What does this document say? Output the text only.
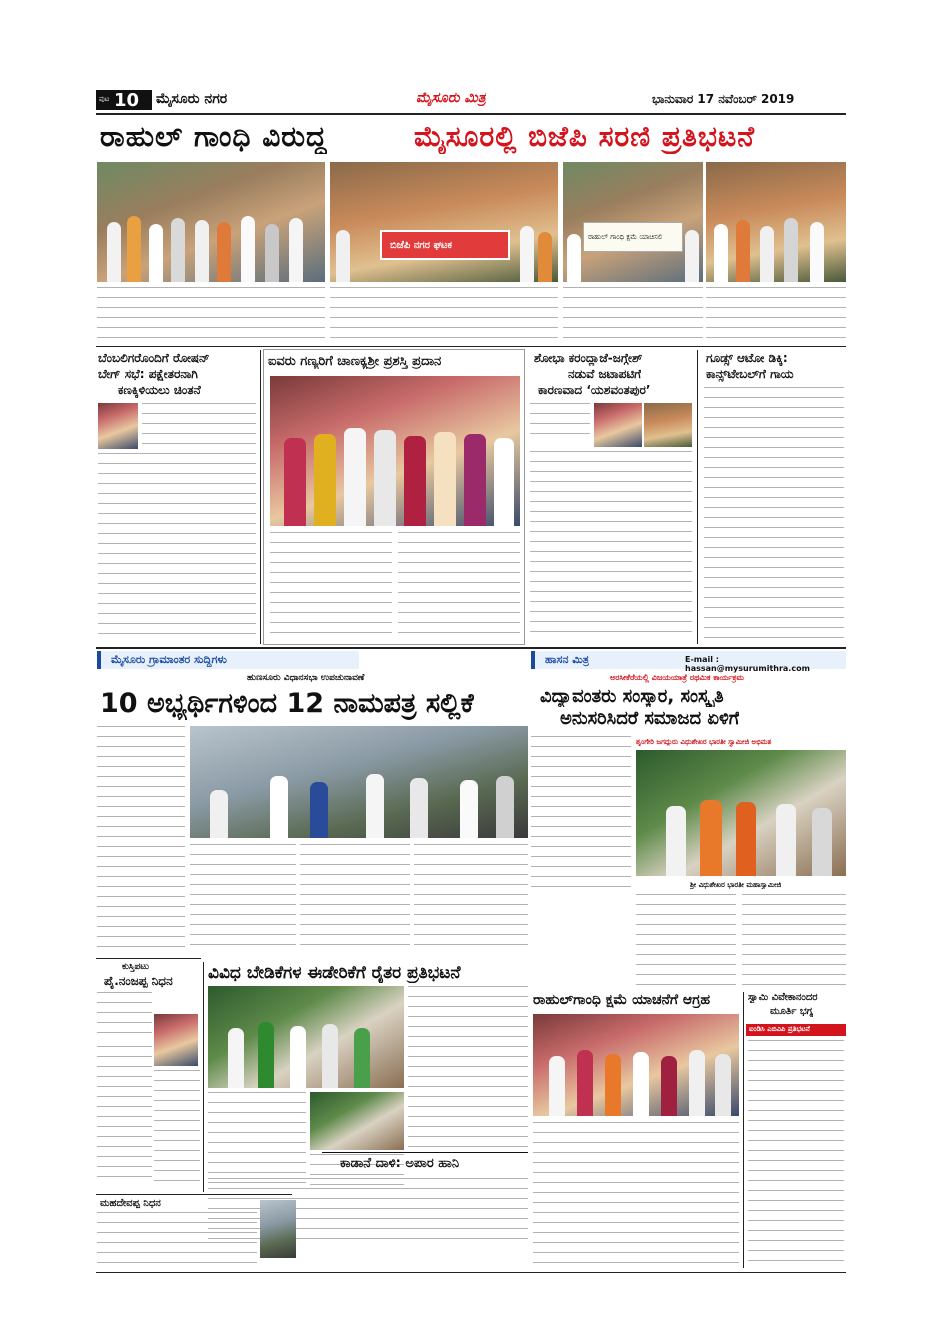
ಪುಟ 10 ಮೈಸೂರು ನಗರ	ಮೈಸೂರು ಮಿತ್ರ	ಭಾನುವಾರ 17 ನವೆಂಬರ್ 2019
ರಾಹುಲ್ ಗಾಂಧಿ ವಿರುದ್ಧ	ಮೈಸೂರಲ್ಲಿ ಬಿಜೆಪಿ ಸರಣಿ ಪ್ರತಿಭಟನೆ
ಬಿಜೆಪಿ ನಗರ ಘಟಕ
ರಾಹುಲ್ ಗಾಂಧಿ ಕ್ಷಮೆ ಯಾಚಿಸಲಿ
ಬೆಂಬಲಿಗರೊಂದಿಗೆ ರೋಷನ್
ಬೇಗ್ ಸಭೆ: ಪಕ್ಷೇತರನಾಗಿ
ಕಣಕ್ಕಿಳಿಯಲು ಚಿಂತನೆ
ಐವರು ಗಣ್ಯರಿಗೆ ಚಾಣಕ್ಯಶ್ರೀ ಪ್ರಶಸ್ತಿ ಪ್ರದಾನ	ಶೋಭಾ ಕರಂದ್ಲಾಜೆ-ಜಗ್ಗೇಶ್
ನಡುವೆ ಜಟಾಪಟಿಗೆ
ಕಾರಣವಾದ ‘ಯಶವಂತಪುರ’
ಗೂಡ್ಸ್ ಆಟೋ ಡಿಕ್ಕಿ:
ಕಾನ್ಸ್‌ಟೇಬಲ್‌ಗೆ ಗಾಯ
ಮೈಸೂರು ಗ್ರಾಮಾಂತರ ಸುದ್ದಿಗಳು
ಹುಣಸೂರು ವಿಧಾನಸಭಾ ಉಪಚುನಾವಣೆ
10 ಅಭ್ಯರ್ಥಿಗಳಿಂದ 12 ನಾಮಪತ್ರ ಸಲ್ಲಿಕೆ
ಹಾಸನ ಮಿತ್ರ	E-mail : hassan@mysurumithra.com
ಅರಸೀಕೆರೆಯಲ್ಲಿ ವಿಜಯಯಾತ್ರೆ ರಥಮಿಕ ಕಾರ್ಯಕ್ರಮ
ವಿದ್ಯಾವಂತರು ಸಂಸ್ಕಾರ, ಸಂಸ್ಕೃತಿ
ಅನುಸರಿಸಿದರೆ ಸಮಾಜದ ಏಳಿಗೆ
ಶೃಂಗೇರಿ ಜಗದ್ಗುರು ವಿಧುಶೇಖರ ಭಾರತೀ ಸ್ವಾಮೀಜಿ ಅಭಿಮತ
ಶ್ರೀ ವಿಧುಶೇಖರ ಭಾರತೀ ಮಹಾಸ್ವಾಮೀಜಿ
ಕುಸ್ತಿಪಟು
ಪೈ.ನಂಜಪ್ಪ ನಿಧನ ವಿವಿಧ ಬೇಡಿಕೆಗಳ ಈಡೇರಿಕೆಗೆ ರೈತರ ಪ್ರತಿಭಟನೆ
ಕಾಡಾನೆ ದಾಳಿ: ಅಪಾರ ಹಾನಿ
ಮಹದೇವಪ್ಪ ನಿಧನ
ರಾಹುಲ್‌ಗಾಂಧಿ ಕ್ಷಮೆ ಯಾಚನೆಗೆ ಆಗ್ರಹ	ಸ್ವಾಮಿ ವಿವೇಕಾನಂದರ
ಮೂರ್ತಿ ಭಗ್ನ
ಐಂಡಿಸಿ ಎಬಿವಿಪಿ ಪ್ರತಿಭಟನೆ
